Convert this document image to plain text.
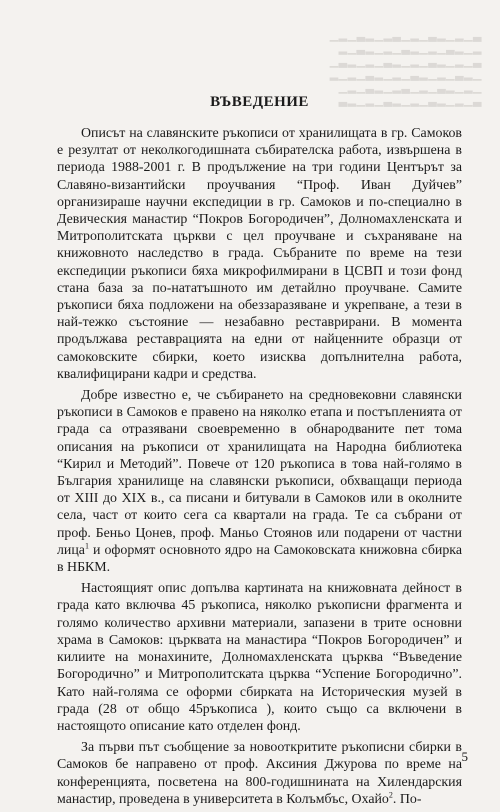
▁▂▁▃▂▁▂▃▁▂▁▃▂▁▂▁▃
▂▁▃▂▁▂▁▃▂▁▂▁▃▂▁▂
▁▃▂▁▂▁▃▂▁▂▁▃▂▁▂▁▃
▂▁▂▁▃▂▁▂▁▃▂▁▂▁▃▂▁
▁▂▁▃▂▁▂▃▁▂▁▃▂▁▂▁
▃▂▁▂▁▃▂▁▂▁▃▂▁▂▁▃
ВЪВЕДЕНИЕ

Описът на славянските ръкописи от хранилищата в гр. Самоков е резултат от неколкогодишната събирателска работа, извършена в периода 1988-2001 г. В продължение на три години Центърът за Славяно-византийски проучвания “Проф. Иван Дуйчев” организираше научни експедиции в гр. Самоков и по-специално в Девическия манастир “Покров Богородичен”, Долномахленската и Митрополитската църкви с цел проучване и съхраняване на книжовното наследство в града. Събраните по време на тези експедиции ръкописи бяха микрофилмирани в ЦСВП и този фонд стана база за по-нататъшното им детайлно проучване. Самите ръкописи бяха подложени на обеззаразяване и укрепване, а тези в най-тежко състояние — незабавно реставрирани. В момента продължава реставрацията на едни от найценните образци от самоковските сбирки, което изисква допълнителна работа, квалифицирани кадри и средства.

Добре известно е, че събирането на средновековни славянски ръкописи в Самоков е правено на няколко етапа и постъпленията от града са отразявани своевременно в обнародваните пет тома описания на ръкописи от хранилищата на Народна библиотека “Кирил и Методий”. Повече от 120 ръкописа в това най-голямо в България хранилище на славянски ръкописи, обхващащи периода от XIII до XIX в., са писани и битували в Самоков или в околните села, част от които сега са квартали на града. Те са събрани от проф. Беньо Цонев, проф. Маньо Стоянов или подарени от частни лица$^1$ и оформят основното ядро на Самоковската книжовна сбирка в НБКМ.

Настоящият опис допълва картината на книжовната дейност в града като включва 45 ръкописа, няколко ръкописни фрагмента и голямо количество архивни материали, запазени в трите основни храма в Самоков: църквата на манастира “Покров Богородичен” и килиите на монахините, Долномахленската църква “Въведение Богородично” и Митрополитската църква “Успение Богородично”. Като най-голяма се оформи сбирката на Историческия музей в града (28 от общо 45ръкописа ), които също са включени в настоящото описание като отделен фонд.

За първи път съобщение за новооткритите ръкописни сбирки в Самоков бе направено от проф. Аксиния Джурова по време на конференцията, посветена на 800-годишнината на Хилендарския манастир, проведена в университета в Колъмбъс, Охайо$^2$. По-

5
